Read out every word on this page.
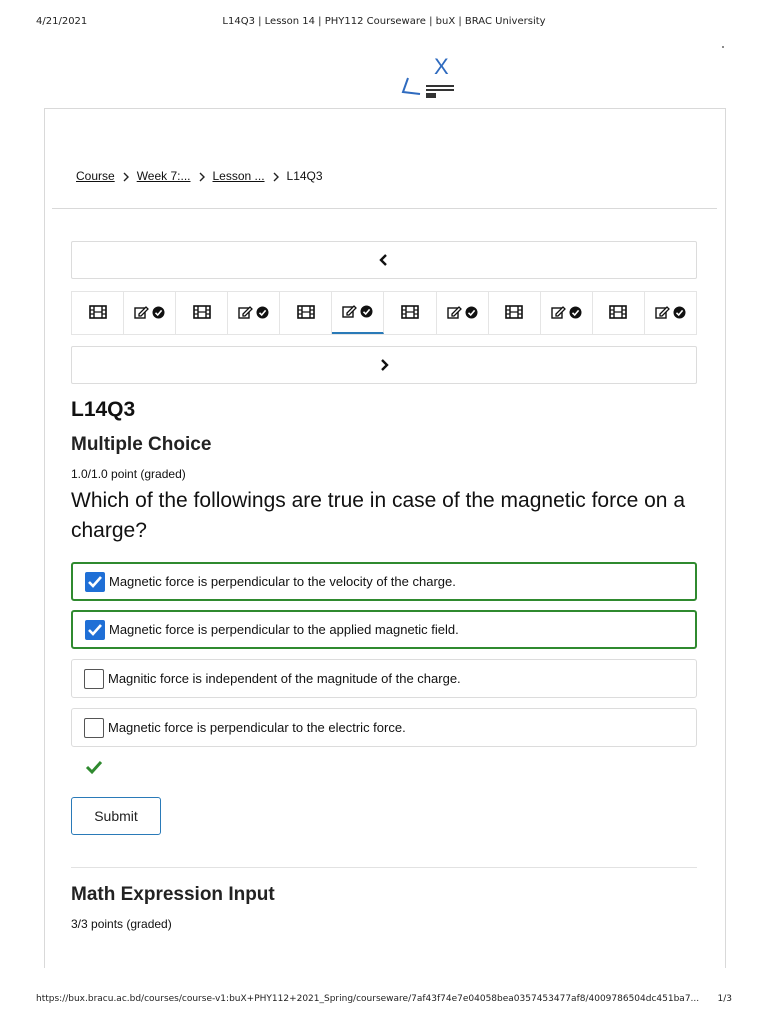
4/21/2021	L14Q3 | Lesson 14 | PHY112 Courseware | buX | BRAC University
X
Course Week 7:... Lesson ... L14Q3
L14Q3
Multiple Choice
1.0/1.0 point (graded)
Which of the followings are true in case of the magnetic force on a charge?
Magnetic force is perpendicular to the velocity of the charge.
Magnetic force is perpendicular to the applied magnetic field.
Magnitic force is independent of the magnitude of the charge.
Magnetic force is perpendicular to the electric force.
Submit
Math Expression Input
3/3 points (graded)
https://bux.bracu.ac.bd/courses/course-v1:buX+PHY112+2021_Spring/courseware/7af43f74e7e04058bea0357453477af8/4009786504dc451ba7...	1/3
